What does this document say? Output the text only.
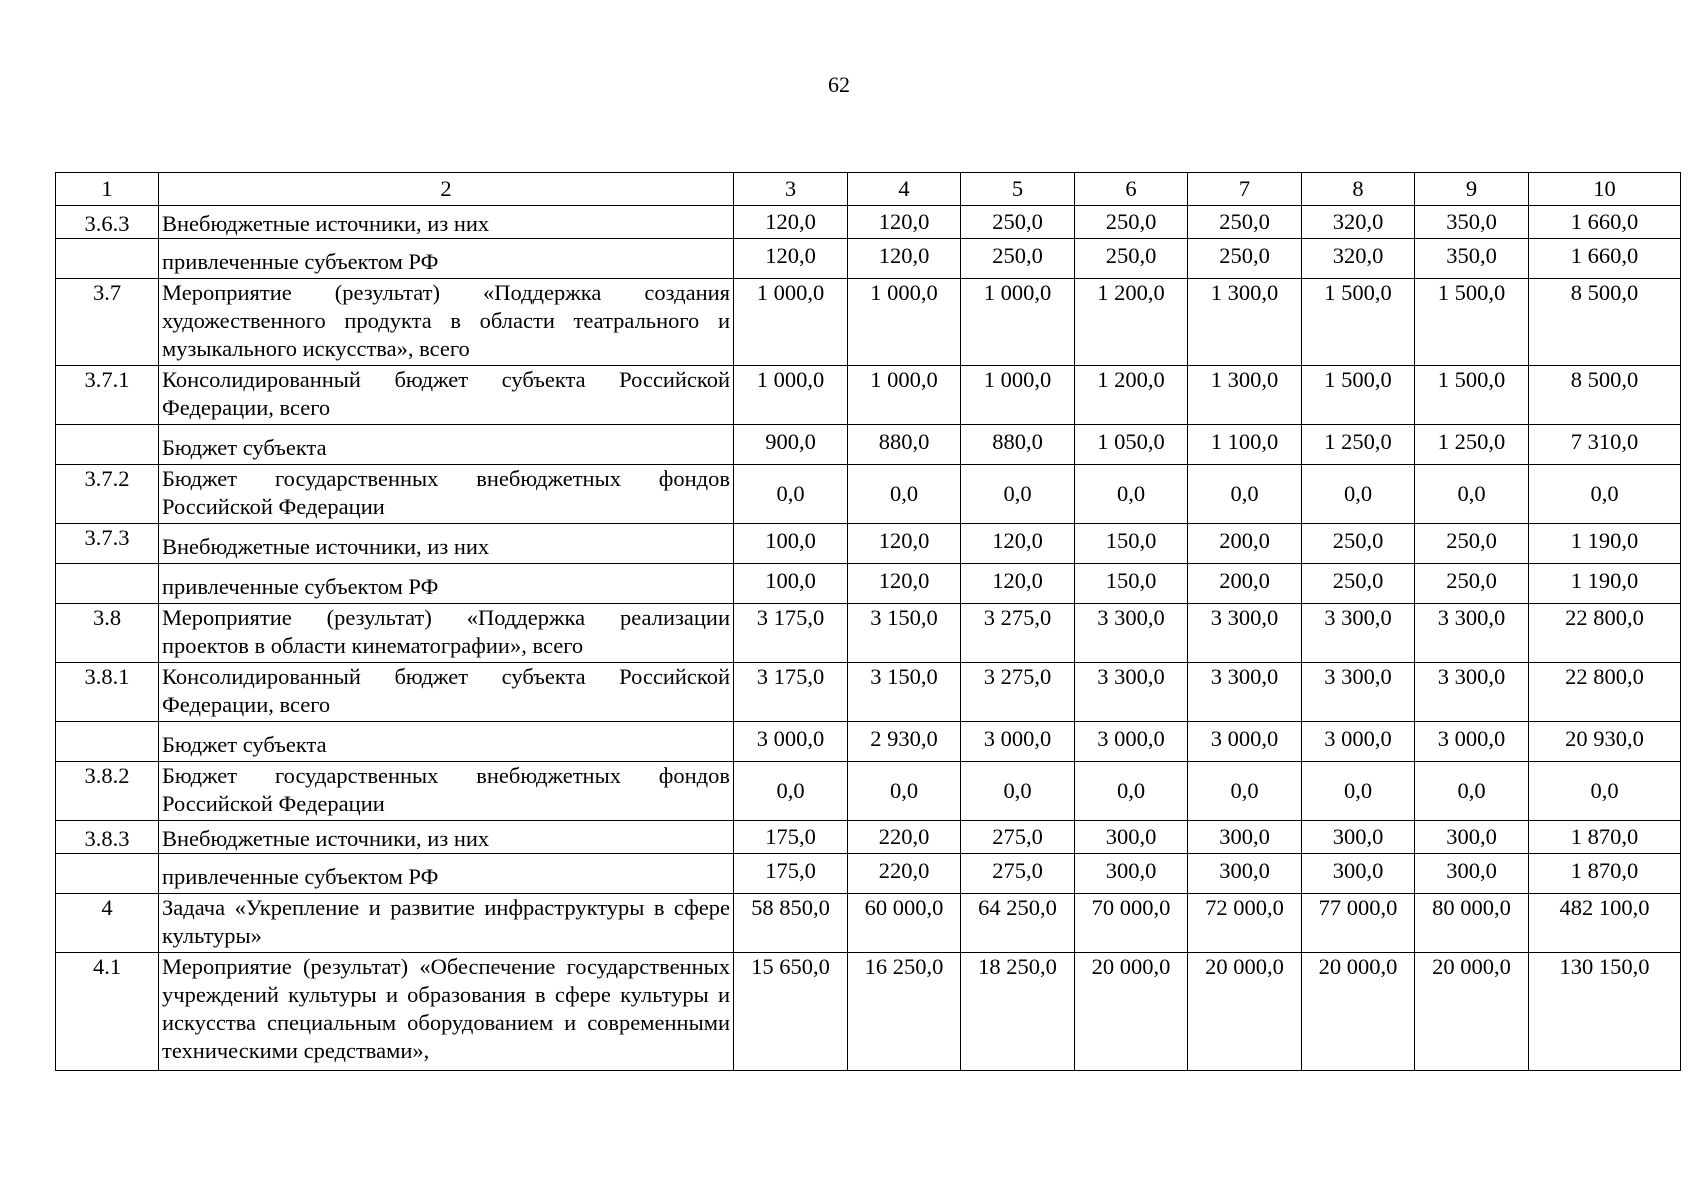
62
1	2	3	4	5	6	7	8	9	10
3.6.3	Внебюджетные источники, из них	120,0	120,0	250,0	250,0	250,0	320,0	350,0	1 660,0
	привлеченные субъектом РФ	120,0	120,0	250,0	250,0	250,0	320,0	350,0	1 660,0
3.7	Мероприятие (результат) «Поддержка создания художественного продукта в области театрального и музыкального искусства», всего	1 000,0	1 000,0	1 000,0	1 200,0	1 300,0	1 500,0	1 500,0	8 500,0
3.7.1	Консолидированный бюджет субъекта Российской Федерации, всего	1 000,0	1 000,0	1 000,0	1 200,0	1 300,0	1 500,0	1 500,0	8 500,0
	Бюджет субъекта	900,0	880,0	880,0	1 050,0	1 100,0	1 250,0	1 250,0	7 310,0
3.7.2	Бюджет государственных внебюджетных фондов Российской Федерации	0,0	0,0	0,0	0,0	0,0	0,0	0,0	0,0
3.7.3	Внебюджетные источники, из них	100,0	120,0	120,0	150,0	200,0	250,0	250,0	1 190,0
	привлеченные субъектом РФ	100,0	120,0	120,0	150,0	200,0	250,0	250,0	1 190,0
3.8	Мероприятие (результат) «Поддержка реализации проектов в области кинематографии», всего	3 175,0	3 150,0	3 275,0	3 300,0	3 300,0	3 300,0	3 300,0	22 800,0
3.8.1	Консолидированный бюджет субъекта Российской Федерации, всего	3 175,0	3 150,0	3 275,0	3 300,0	3 300,0	3 300,0	3 300,0	22 800,0
	Бюджет субъекта	3 000,0	2 930,0	3 000,0	3 000,0	3 000,0	3 000,0	3 000,0	20 930,0
3.8.2	Бюджет государственных внебюджетных фондов Российской Федерации	0,0	0,0	0,0	0,0	0,0	0,0	0,0	0,0
3.8.3	Внебюджетные источники, из них	175,0	220,0	275,0	300,0	300,0	300,0	300,0	1 870,0
	привлеченные субъектом РФ	175,0	220,0	275,0	300,0	300,0	300,0	300,0	1 870,0
4	Задача «Укрепление и развитие инфраструктуры в сфере культуры»	58 850,0	60 000,0	64 250,0	70 000,0	72 000,0	77 000,0	80 000,0	482 100,0
4.1	Мероприятие (результат) «Обеспечение государственных учреждений культуры и образования в сфере культуры и искусства специальным оборудованием и современными техническими средствами»,	15 650,0	16 250,0	18 250,0	20 000,0	20 000,0	20 000,0	20 000,0	130 150,0
